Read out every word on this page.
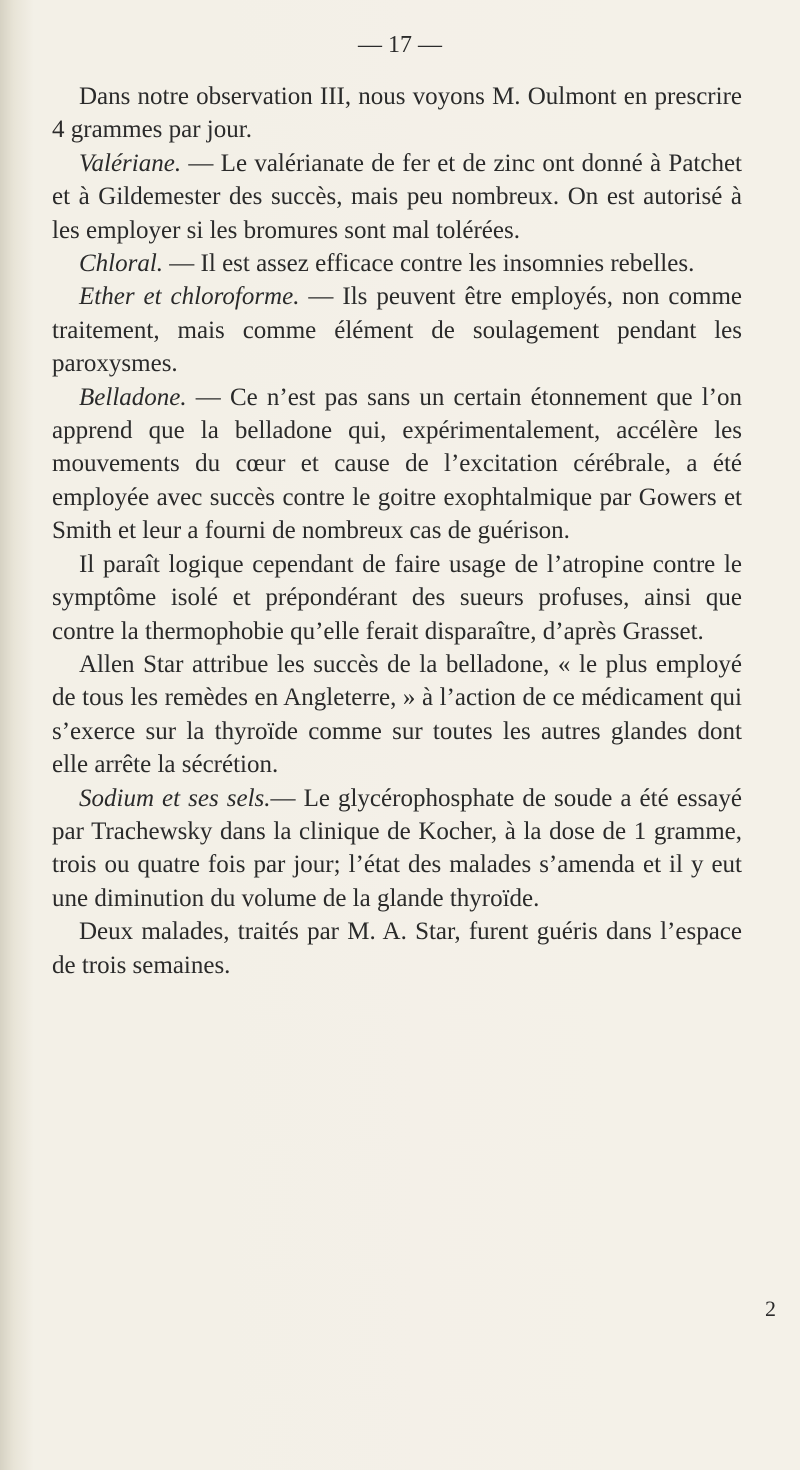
— 17 —

Dans notre observation III, nous voyons M. Oulmont en prescrire 4 grammes par jour.

Valériane. — Le valérianate de fer et de zinc ont donné à Patchet et à Gildemester des succès, mais peu nombreux. On est autorisé à les employer si les bromures sont mal tolérées.

Chloral. — Il est assez efficace contre les insomnies rebelles.

Ether et chloroforme. — Ils peuvent être employés, non comme traitement, mais comme élément de soulagement pendant les paroxysmes.

Belladone. — Ce n’est pas sans un certain étonnement que l’on apprend que la belladone qui, expérimentalement, accélère les mouvements du cœur et cause de l’excitation cérébrale, a été employée avec succès contre le goitre exophtalmique par Gowers et Smith et leur a fourni de nombreux cas de guérison.

Il paraît logique cependant de faire usage de l’atropine contre le symptôme isolé et prépondérant des sueurs profuses, ainsi que contre la thermophobie qu’elle ferait disparaître, d’après Grasset.

Allen Star attribue les succès de la belladone, « le plus employé de tous les remèdes en Angleterre, » à l’action de ce médicament qui s’exerce sur la thyroïde comme sur toutes les autres glandes dont elle arrête la sécrétion.

Sodium et ses sels.— Le glycérophosphate de soude a été essayé par Trachewsky dans la clinique de Kocher, à la dose de 1 gramme, trois ou quatre fois par jour; l’état des malades s’amenda et il y eut une diminution du volume de la glande thyroïde.

Deux malades, traités par M. A. Star, furent guéris dans l’espace de trois semaines.

2
